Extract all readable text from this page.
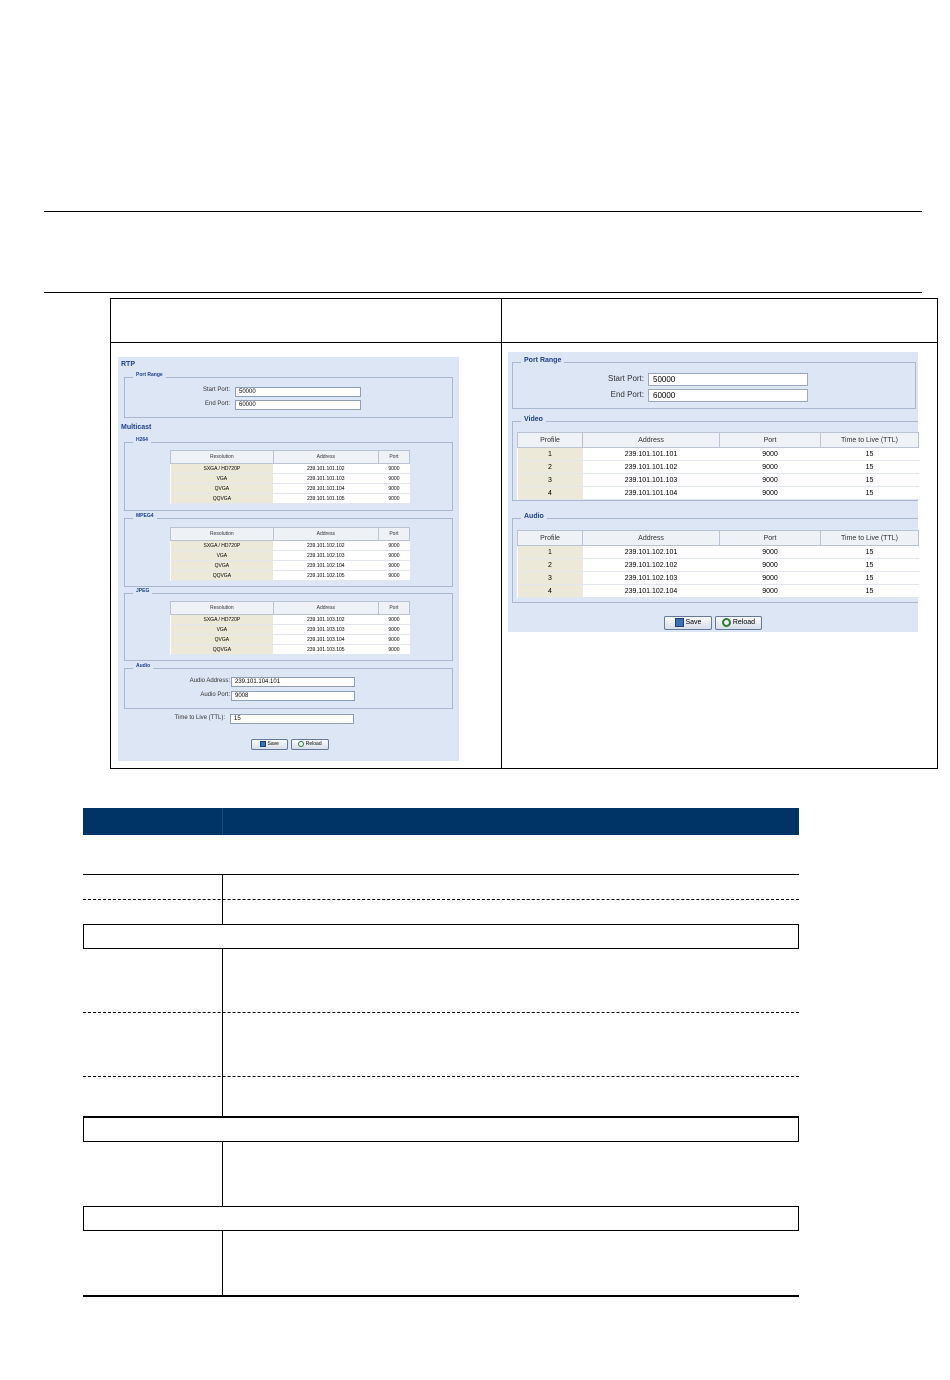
RTP
Port Range
Start Port:	50000
End Port:	60000
Multicast
H264
Resolution	Address	Port
SXGA / HD720P	239.101.101.102	9000
VGA	239.101.101.103	9000
QVGA	239.101.101.104	9000
QQVGA	239.101.101.105	9000
MPEG4
Resolution	Address	Port
SXGA / HD720P	239.101.102.102	9000
VGA	239.101.102.103	9000
QVGA	239.101.102.104	9000
QQVGA	239.101.102.105	9000
JPEG
Resolution	Address	Port
SXGA / HD720P	239.101.103.102	9000
VGA	239.101.103.103	9000
QVGA	239.101.103.104	9000
QQVGA	239.101.103.105	9000
Audio
Audio Address: 239.101.104.101
Audio Port: 9008
Time to Live (TTL):	15
Save	Reload
Port Range
Start Port:	50000
End Port:	60000
Video
Profile	Address	Port	Time to Live (TTL)
1	239.101.101.101	9000	15
2	239.101.101.102	9000	15
3	239.101.101.103	9000	15
4	239.101.101.104	9000	15
Audio
Profile	Address	Port	Time to Live (TTL)
1	239.101.102.101	9000	15
2	239.101.102.102	9000	15
3	239.101.102.103	9000	15
4	239.101.102.104	9000	15
Save	Reload
